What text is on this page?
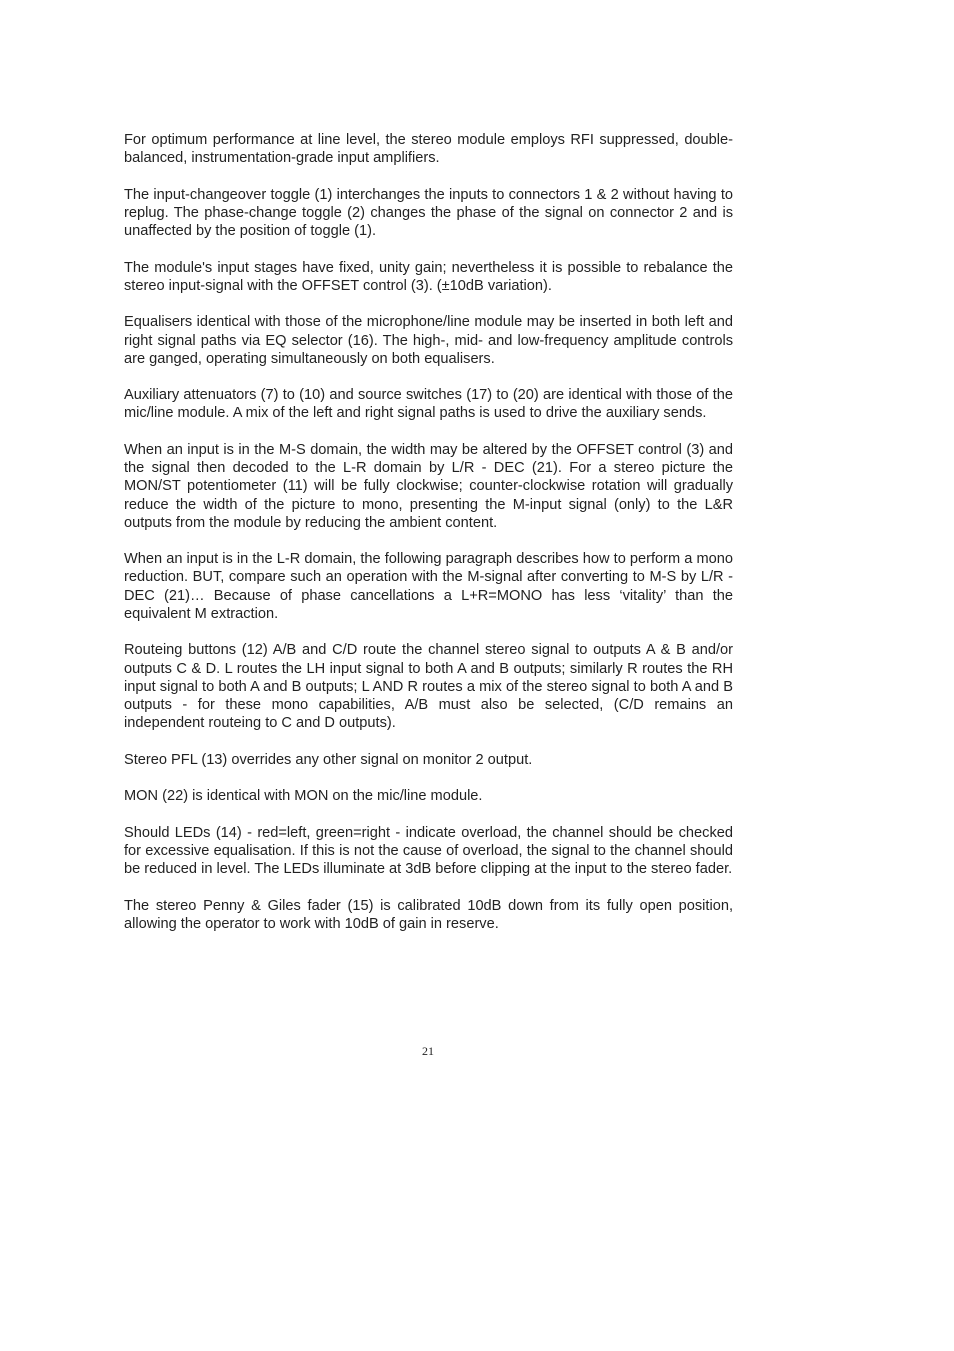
For optimum performance at line level, the stereo module employs RFI suppressed, double-balanced, instrumentation-grade input amplifiers.

The input-changeover toggle (1) interchanges the inputs to connectors 1 & 2 without having to replug. The phase-change toggle (2) changes the phase of the signal on connector 2 and is unaffected by the position of toggle (1).

The module's input stages have fixed, unity gain; nevertheless it is possible to rebalance the stereo input-signal with the OFFSET control (3). (±10dB variation).

Equalisers identical with those of the microphone/line module may be inserted in both left and right signal paths via EQ selector (16). The high-, mid- and low-frequency amplitude controls are ganged, operating simultaneously on both equalisers.

Auxiliary attenuators (7) to (10) and source switches (17) to (20) are identical with those of the mic/line module. A mix of the left and right signal paths is used to drive the auxiliary sends.

When an input is in the M-S domain, the width may be altered by the OFFSET control (3) and the signal then decoded to the L-R domain by L/R - DEC (21). For a stereo picture the MON/ST potentiometer (11) will be fully clockwise; counter-clockwise rotation will gradually reduce the width of the picture to mono, presenting the M-input signal (only) to the L&R outputs from the module by reducing the ambient content.

When an input is in the L-R domain, the following paragraph describes how to perform a mono reduction. BUT, compare such an operation with the M-signal after converting to M-S by L/R - DEC (21)… Because of phase cancellations a L+R=MONO has less ‘vitality’ than the equivalent M extraction.

Routeing buttons (12) A/B and C/D route the channel stereo signal to outputs A & B and/or outputs C & D. L routes the LH input signal to both A and B outputs; similarly R routes the RH input signal to both A and B outputs; L AND R routes a mix of the stereo signal to both A and B outputs - for these mono capabilities, A/B must also be selected, (C/D remains an independent routeing to C and D outputs).

Stereo PFL (13) overrides any other signal on monitor 2 output.

MON (22) is identical with MON on the mic/line module.

Should LEDs (14) - red=left, green=right - indicate overload, the channel should be checked for excessive equalisation. If this is not the cause of overload, the signal to the channel should be reduced in level. The LEDs illuminate at 3dB before clipping at the input to the stereo fader.

The stereo Penny & Giles fader (15) is calibrated 10dB down from its fully open position, allowing the operator to work with 10dB of gain in reserve.

21
